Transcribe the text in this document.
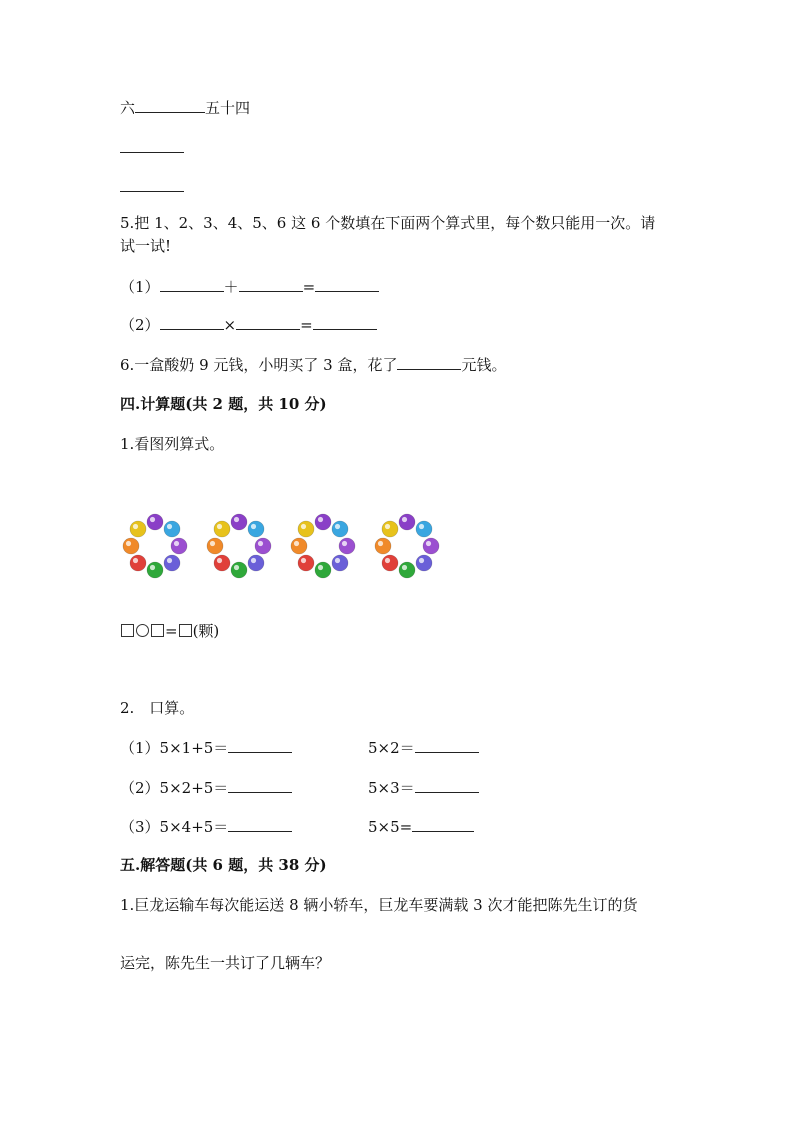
六	五十四
5.把 1、2、3、4、5、6 这 6 个数填在下面两个算式里，每个数只能用一次。请
试一试!
（1）	＋	=
（2）	×	=
6.一盒酸奶 9 元钱，小明买了 3 盒，花了	元钱。
四.计算题(共 2 题，共 10 分)
1.看图列算式。
= (颗)
2.　口算。
（1）5×1+5＝	5×2＝
（2）5×2+5＝	5×3＝
（3）5×4+5＝	5×5=
五.解答题(共 6 题，共 38 分)
1.巨龙运输车每次能运送 8 辆小轿车，巨龙车要满载 3 次才能把陈先生订的货
运完，陈先生一共订了几辆车？
